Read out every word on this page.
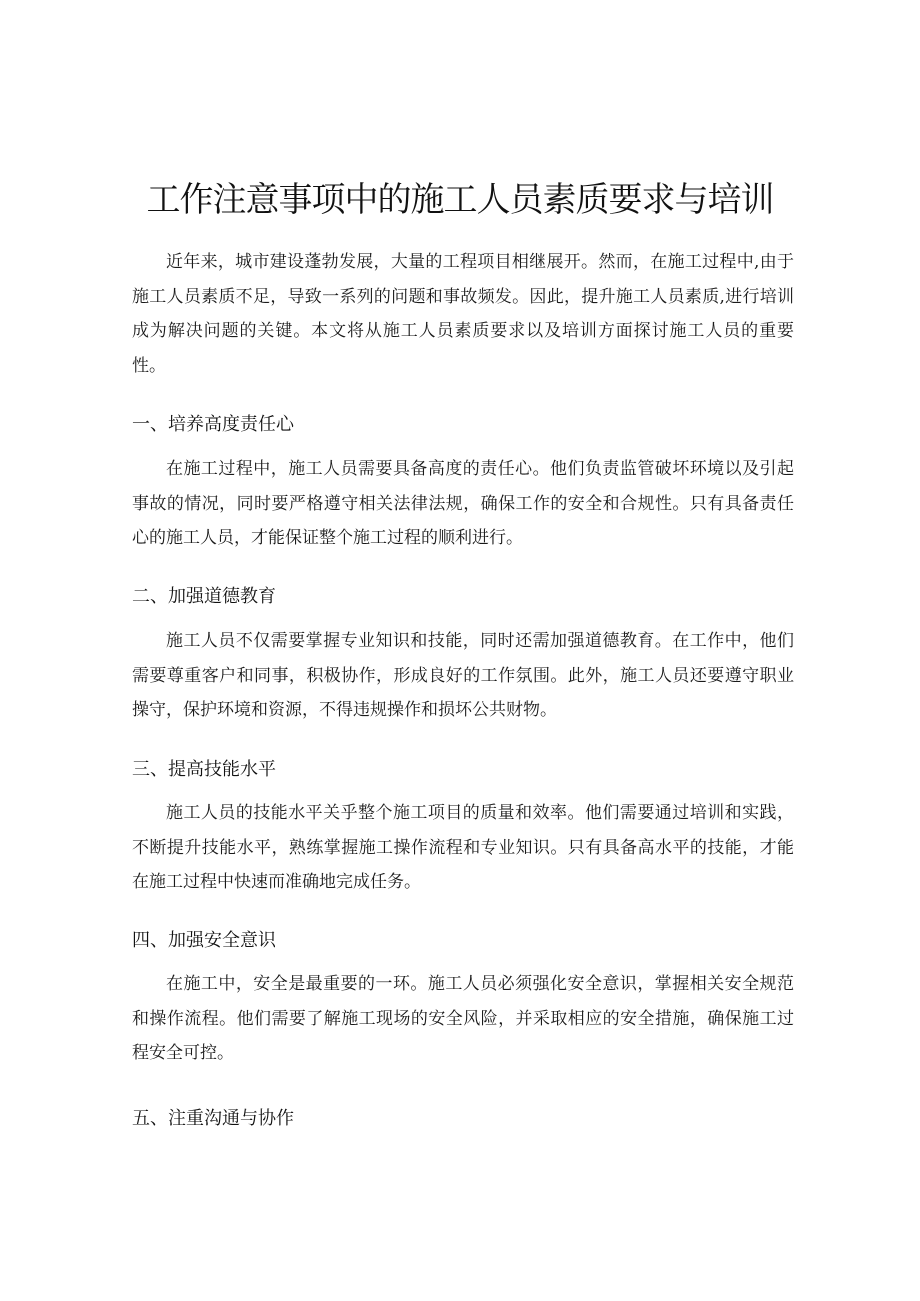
工作注意事项中的施工人员素质要求与培训

近年来，城市建设蓬勃发展，大量的工程项目相继展开。然而，在施工过程中,由于施工人员素质不足，导致一系列的问题和事故频发。因此，提升施工人员素质,进行培训成为解决问题的关键。本文将从施工人员素质要求以及培训方面探讨施工人员的重要性。

一、培养高度责任心

在施工过程中，施工人员需要具备高度的责任心。他们负责监管破坏环境以及引起事故的情况，同时要严格遵守相关法律法规，确保工作的安全和合规性。只有具备责任心的施工人员，才能保证整个施工过程的顺利进行。

二、加强道德教育

施工人员不仅需要掌握专业知识和技能，同时还需加强道德教育。在工作中，他们需要尊重客户和同事，积极协作，形成良好的工作氛围。此外，施工人员还要遵守职业操守，保护环境和资源，不得违规操作和损坏公共财物。

三、提高技能水平

施工人员的技能水平关乎整个施工项目的质量和效率。他们需要通过培训和实践，不断提升技能水平，熟练掌握施工操作流程和专业知识。只有具备高水平的技能，才能在施工过程中快速而准确地完成任务。

四、加强安全意识

在施工中，安全是最重要的一环。施工人员必须强化安全意识，掌握相关安全规范和操作流程。他们需要了解施工现场的安全风险，并采取相应的安全措施，确保施工过程安全可控。

五、注重沟通与协作
